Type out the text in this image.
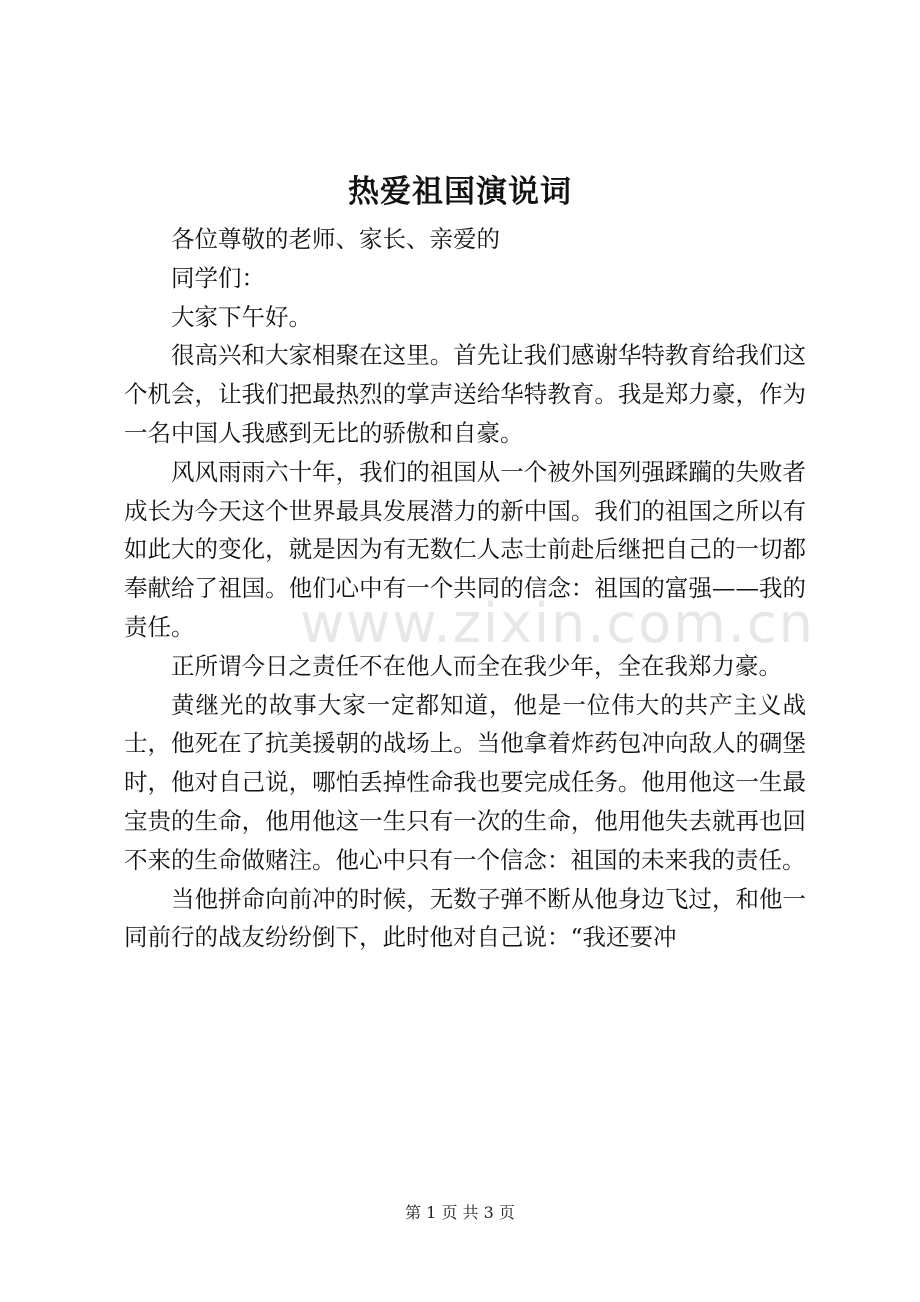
热爱祖国演说词

各位尊敬的老师、家长、亲爱的

同学们：

大家下午好。

很高兴和大家相聚在这里。首先让我们感谢华特教育给我们这个机会，让我们把最热烈的掌声送给华特教育。我是郑力豪，作为一名中国人我感到无比的骄傲和自豪。

风风雨雨六十年，我们的祖国从一个被外国列强蹂躏的失败者成长为今天这个世界最具发展潜力的新中国。我们的祖国之所以有如此大的变化，就是因为有无数仁人志士前赴后继把自己的一切都奉献给了祖国。他们心中有一个共同的信念：祖国的富强——我的责任。

正所谓今日之责任不在他人而全在我少年，全在我郑力豪。

黄继光的故事大家一定都知道，他是一位伟大的共产主义战士，他死在了抗美援朝的战场上。当他拿着炸药包冲向敌人的碉堡时，他对自己说，哪怕丢掉性命我也要完成任务。他用他这一生最宝贵的生命，他用他这一生只有一次的生命，他用他失去就再也回不来的生命做赌注。他心中只有一个信念：祖国的未来我的责任。

当他拼命向前冲的时候，无数子弹不断从他身边飞过，和他一同前行的战友纷纷倒下，此时他对自己说：“我还要冲

www.zixin.com.cn
第 1 页 共 3 页
